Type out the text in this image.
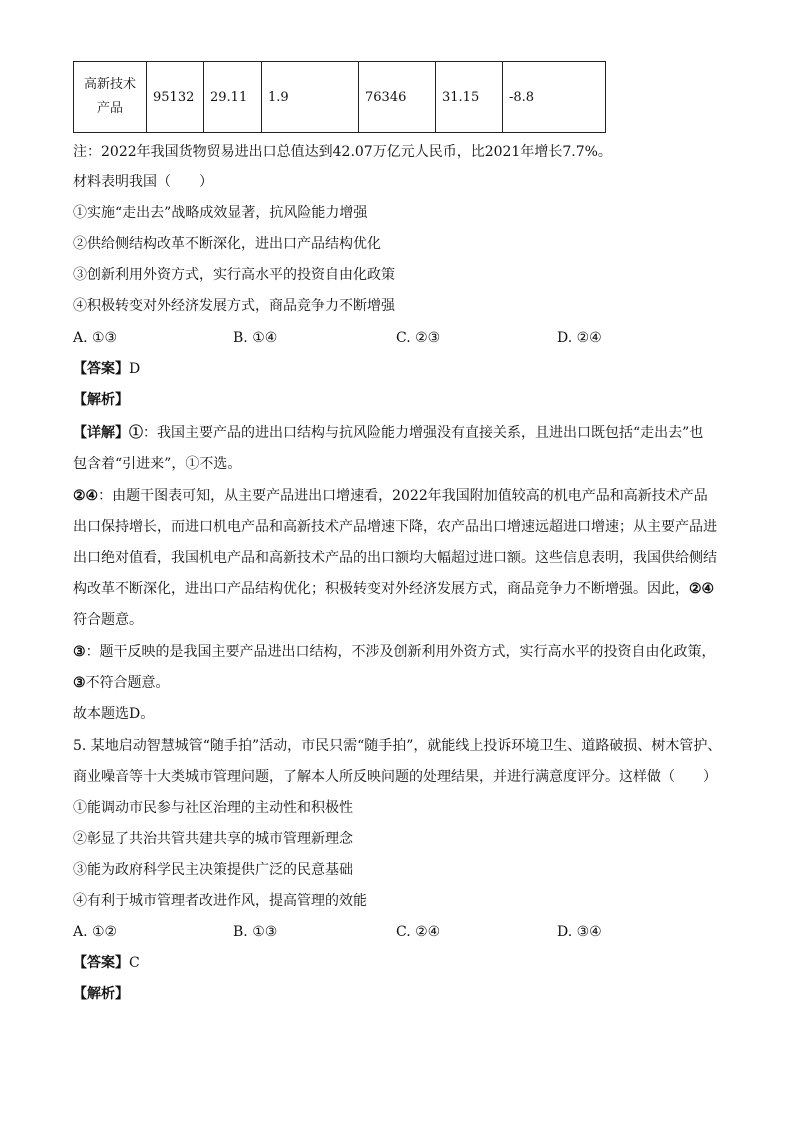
高新技术
产品	95132	29.11	1.9	76346	31.15	-8.8
注：2022年我国货物贸易进出口总值达到42.07万亿元人民币，比2021年增长7.7%。
材料表明我国（　　）
①实施“走出去”战略成效显著，抗风险能力增强
②供给侧结构改革不断深化，进出口产品结构优化
③创新利用外资方式，实行高水平的投资自由化政策
④积极转变对外经济发展方式，商品竞争力不断增强
A. ①③	B. ①④	C. ②③	D. ②④
【答案】D
【解析】
【详解】①：我国主要产品的进出口结构与抗风险能力增强没有直接关系，且进出口既包括“走出去”也
包含着“引进来”，①不选。
②④：由题干图表可知，从主要产品进出口增速看，2022年我国附加值较高的机电产品和高新技术产品
出口保持增长，而进口机电产品和高新技术产品增速下降，农产品出口增速远超进口增速；从主要产品进
出口绝对值看，我国机电产品和高新技术产品的出口额均大幅超过进口额。这些信息表明，我国供给侧结
构改革不断深化，进出口产品结构优化；积极转变对外经济发展方式，商品竞争力不断增强。因此，②④
符合题意。
③：题干反映的是我国主要产品进出口结构，不涉及创新利用外资方式，实行高水平的投资自由化政策，
③不符合题意。
故本题选D。
5. 某地启动智慧城管“随手拍”活动，市民只需“随手拍”，就能线上投诉环境卫生、道路破损、树木管护、
商业噪音等十大类城市管理问题，了解本人所反映问题的处理结果，并进行满意度评分。这样做（　　）
①能调动市民参与社区治理的主动性和积极性
②彰显了共治共管共建共享的城市管理新理念
③能为政府科学民主决策提供广泛的民意基础
④有利于城市管理者改进作风，提高管理的效能
A. ①②	B. ①③	C. ②④	D. ③④
【答案】C
【解析】
